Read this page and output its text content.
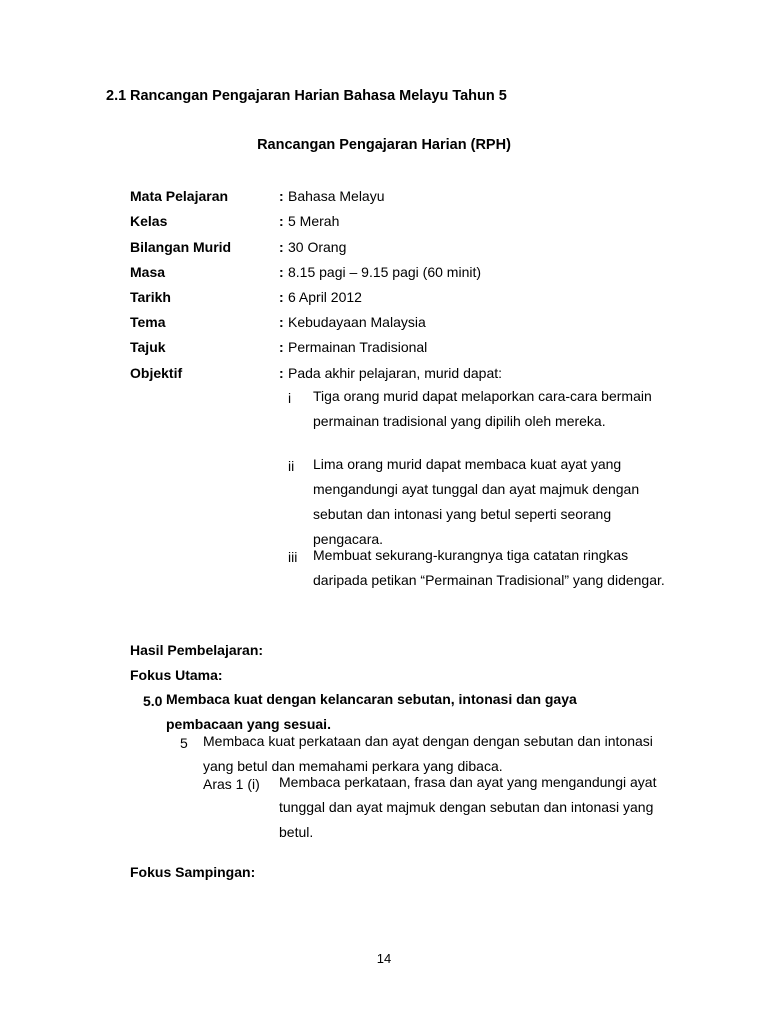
2.1 Rancangan Pengajaran Harian Bahasa Melayu Tahun 5
Rancangan Pengajaran Harian (RPH)
Mata Pelajaran	: Bahasa Melayu
Kelas	: 5 Merah
Bilangan Murid	: 30 Orang
Masa	: 8.15 pagi – 9.15 pagi (60 minit)
Tarikh	: 6 April 2012
Tema	: Kebudayaan Malaysia
Tajuk	: Permainan Tradisional
Objektif	: Pada akhir pelajaran, murid dapat:
i Tiga orang murid dapat melaporkan cara-cara bermain permainan tradisional yang dipilih oleh mereka.
ii Lima orang murid dapat membaca kuat ayat yang mengandungi ayat tunggal dan ayat majmuk dengan sebutan dan intonasi yang betul seperti seorang pengacara.
iii Membuat sekurang-kurangnya tiga catatan ringkas daripada petikan “Permainan Tradisional” yang didengar.
Hasil Pembelajaran:
Fokus Utama:
5.0 Membaca kuat dengan kelancaran sebutan, intonasi dan gaya pembacaan yang sesuai.
5 Membaca kuat perkataan dan ayat dengan dengan sebutan dan intonasi yang betul dan memahami perkara yang dibaca.
Aras 1 (i) Membaca perkataan, frasa dan ayat yang mengandungi ayat tunggal dan ayat majmuk dengan sebutan dan intonasi yang betul.
Fokus Sampingan:
14
